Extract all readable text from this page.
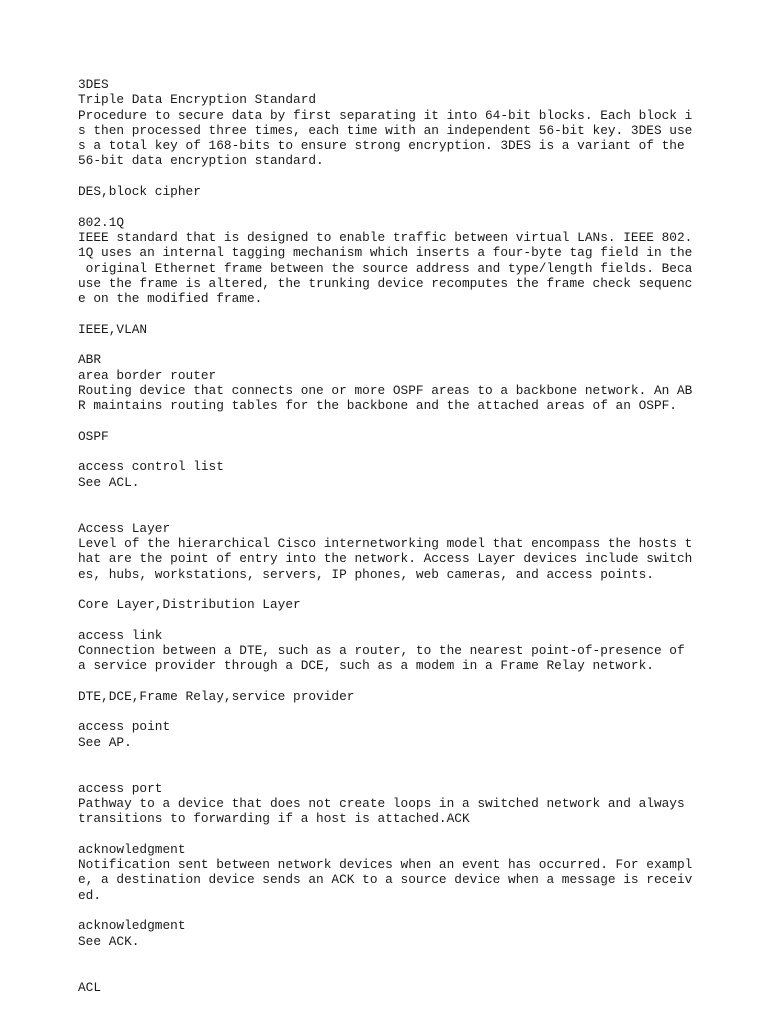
3DES
Triple Data Encryption Standard
Procedure to secure data by first separating it into 64-bit blocks. Each block i
s then processed three times, each time with an independent 56-bit key. 3DES use
s a total key of 168-bits to ensure strong encryption. 3DES is a variant of the
56-bit data encryption standard.
DES,block cipher
802.1Q
IEEE standard that is designed to enable traffic between virtual LANs. IEEE 802.
1Q uses an internal tagging mechanism which inserts a four-byte tag field in the
original Ethernet frame between the source address and type/length fields. Beca
use the frame is altered, the trunking device recomputes the frame check sequenc
e on the modified frame.
IEEE,VLAN
ABR
area border router
Routing device that connects one or more OSPF areas to a backbone network. An AB
R maintains routing tables for the backbone and the attached areas of an OSPF.
OSPF
access control list
See ACL.
Access Layer
Level of the hierarchical Cisco internetworking model that encompass the hosts t
hat are the point of entry into the network. Access Layer devices include switch
es, hubs, workstations, servers, IP phones, web cameras, and access points.
Core Layer,Distribution Layer
access link
Connection between a DTE, such as a router, to the nearest point-of-presence of
a service provider through a DCE, such as a modem in a Frame Relay network.
DTE,DCE,Frame Relay,service provider
access point
See AP.
access port
Pathway to a device that does not create loops in a switched network and always
transitions to forwarding if a host is attached.ACK
acknowledgment
Notification sent between network devices when an event has occurred. For exampl
e, a destination device sends an ACK to a source device when a message is receiv
ed.
acknowledgment
See ACK.
ACL
